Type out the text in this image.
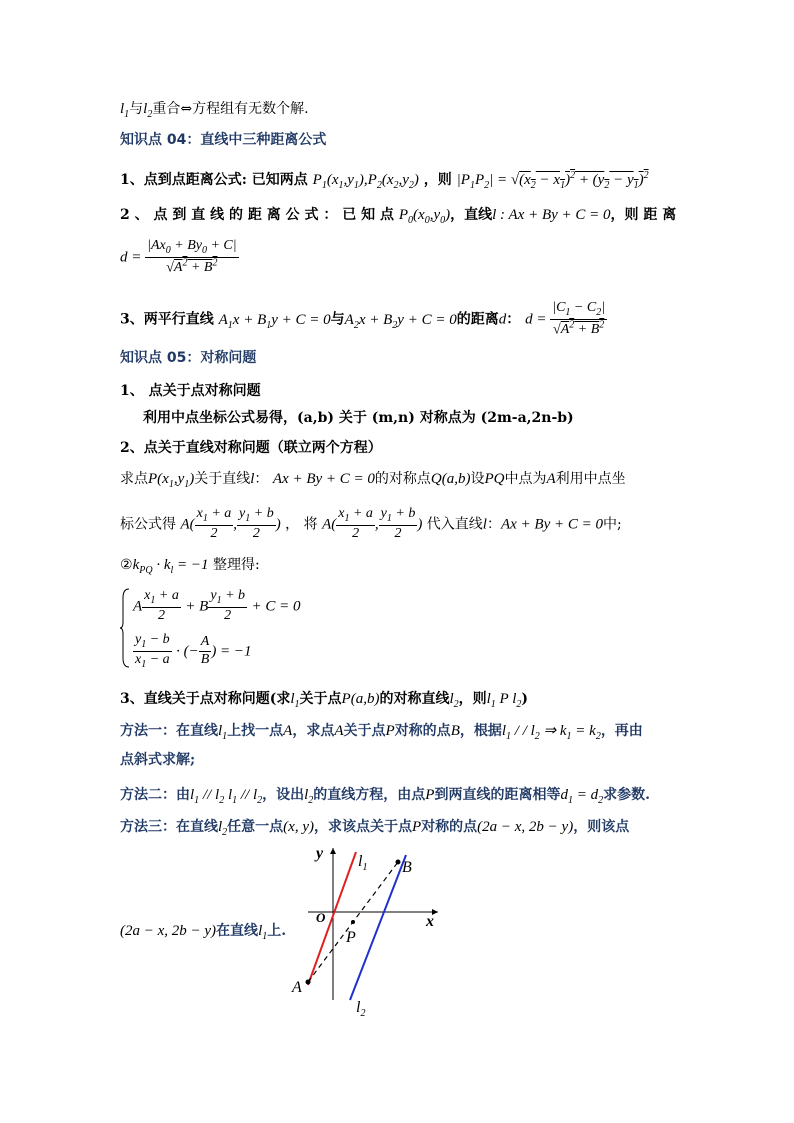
$l_1$与$l_2$重合⇔方程组有无数个解.
知识点 04：直线中三种距离公式
1、点到点距离公式: 已知两点 $P_1(x_1,y_1),P_2(x_2,y_2)$ ，则 $|P_1P_2| = √(x_2 - x_1)^2 + (y_2 - y_1)^2$
2 、 点 到 直 线 的 距 离 公 式 ： 已 知 点 $P_0(x_0,y_0)$，直线l : Ax + By + C = 0，则 距 离
$d = \frac{|Ax_0 + By_0 + C|}{√A^2 + B^2}$
3、两平行直线 $A_1x + B_1y + C = 0$与$A_2x + B_2y + C = 0$的距离d： $d = \frac{|C_1 - C_2|}{√A^2 + B^2}$
知识点 05：对称问题
1、 点关于点对称问题
利用中点坐标公式易得，(a,b) 关于 (m,n) 对称点为 (2m-a,2n-b)
2、点关于直线对称问题（联立两个方程）
求点$P(x_1,y_1)$关于直线l： Ax + By + C = 0的对称点Q(a,b)设PQ中点为A利用中点坐
标公式得 $A( \frac{x_1 + a}{2}$ , $\frac{y_1 + b}{2}$ ) ， 将 $A( \frac{x_1 + a}{2}$ , $\frac{y_1 + b}{2}$ ) 代入直线l：Ax + By + C = 0中;
$②k_{PQ} \cdot k_l = -1$ 整理得:
A $\frac{x_1 + a}{2} + B \frac{y_1 + b}{2} + C = 0$
$\frac{y_1 - b}{x_1 - a}$ · (− $\frac{A}{B}$ ) = −1
3、直线关于点对称问题(求$l_1$关于点P(a,b)的对称直线$l_2$，则$l_1$ P $l_2$)
方法一：在直线$l_1$上找一点A，求点A关于点P对称的点B，根据$l_1$ / / $l_2$ ⇒ $k_1 = k_2$，再由
点斜式求解;
方法二：由$l_1 // l_2$ $l_1 // l_2$，设出$l_2$的直线方程，由点P到两直线的距离相等$d_1 = d_2$求参数.
方法三：在直线$l_2$任意一点(x, y)，求该点关于点P对称的点(2a − x, 2b − y)，则该点
(2a − x, 2b − y)在直线$l_1$上.
y
x
O
$l_1$
$l_2$
A
B
P
